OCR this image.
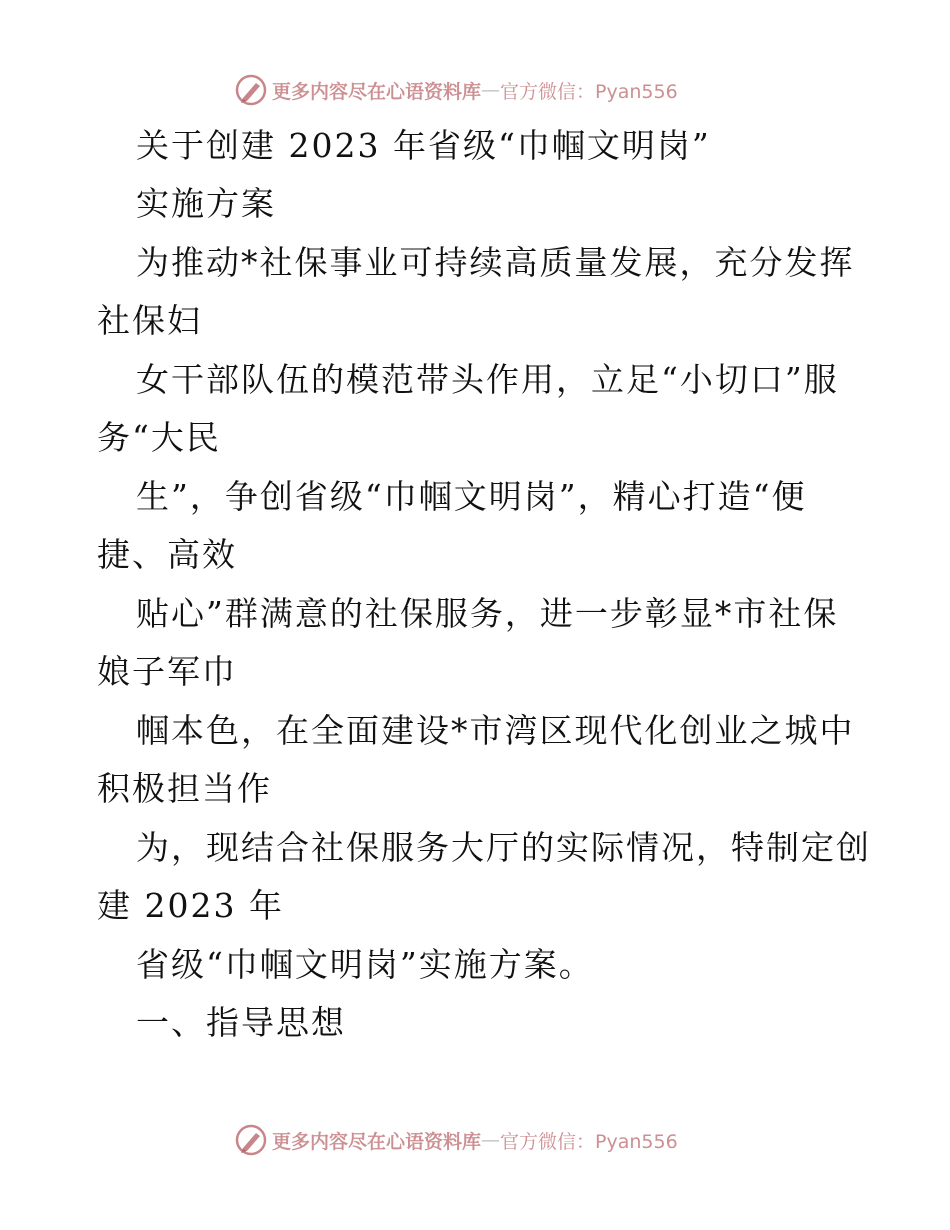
更多内容尽在心语资料库 — 官方微信：Pyan556
关于创建 2023 年省级“巾帼文明岗”
实施方案
为推动*社保事业可持续高质量发展，充分发挥
社保妇
女干部队伍的模范带头作用，立足“小切口”服
务“大民
生”，争创省级“巾帼文明岗”，精心打造“便
捷、高效
贴心”群满意的社保服务，进一步彰显*市社保
娘子军巾
帼本色，在全面建设*市湾区现代化创业之城中
积极担当作
为，现结合社保服务大厅的实际情况，特制定创
建 2023 年
省级“巾帼文明岗”实施方案。
一、指导思想
更多内容尽在心语资料库 — 官方微信：Pyan556
